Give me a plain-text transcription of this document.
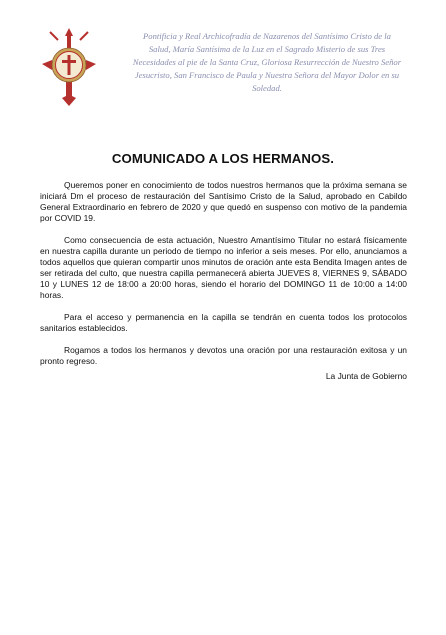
Pontificia y Real Archicofradía de Nazarenos del Santísimo Cristo de la
Salud, María Santísima de la Luz en el Sagrado Misterio de sus Tres
Necesidades al pie de la Santa Cruz, Gloriosa Resurrección de Nuestro Señor
Jesucristo, San Francisco de Paula y Nuestra Señora del Mayor Dolor en su
Soledad.
COMUNICADO A LOS HERMANOS.

Queremos poner en conocimiento de todos nuestros hermanos que la próxima semana se iniciará Dm el proceso de restauración del Santísimo Cristo de la Salud, aprobado en Cabildo General Extraordinario en febrero de 2020 y que quedó en suspenso con motivo de la pandemia por COVID 19.

Como consecuencia de esta actuación, Nuestro Amantísimo Titular no estará físicamente en nuestra capilla durante un periodo de tiempo no inferior a seis meses. Por ello, anunciamos a todos aquellos que quieran compartir unos minutos de oración ante esta Bendita Imagen antes de ser retirada del culto, que nuestra capilla permanecerá abierta JUEVES 8, VIERNES 9, SÁBADO 10 y LUNES 12 de 18:00 a 20:00 horas, siendo el horario del DOMINGO 11 de 10:00 a 14:00 horas.

Para el acceso y permanencia en la capilla se tendrán en cuenta todos los protocolos sanitarios establecidos.

Rogamos a todos los hermanos y devotos una oración por una restauración exitosa y un pronto regreso.

La Junta de Gobierno
